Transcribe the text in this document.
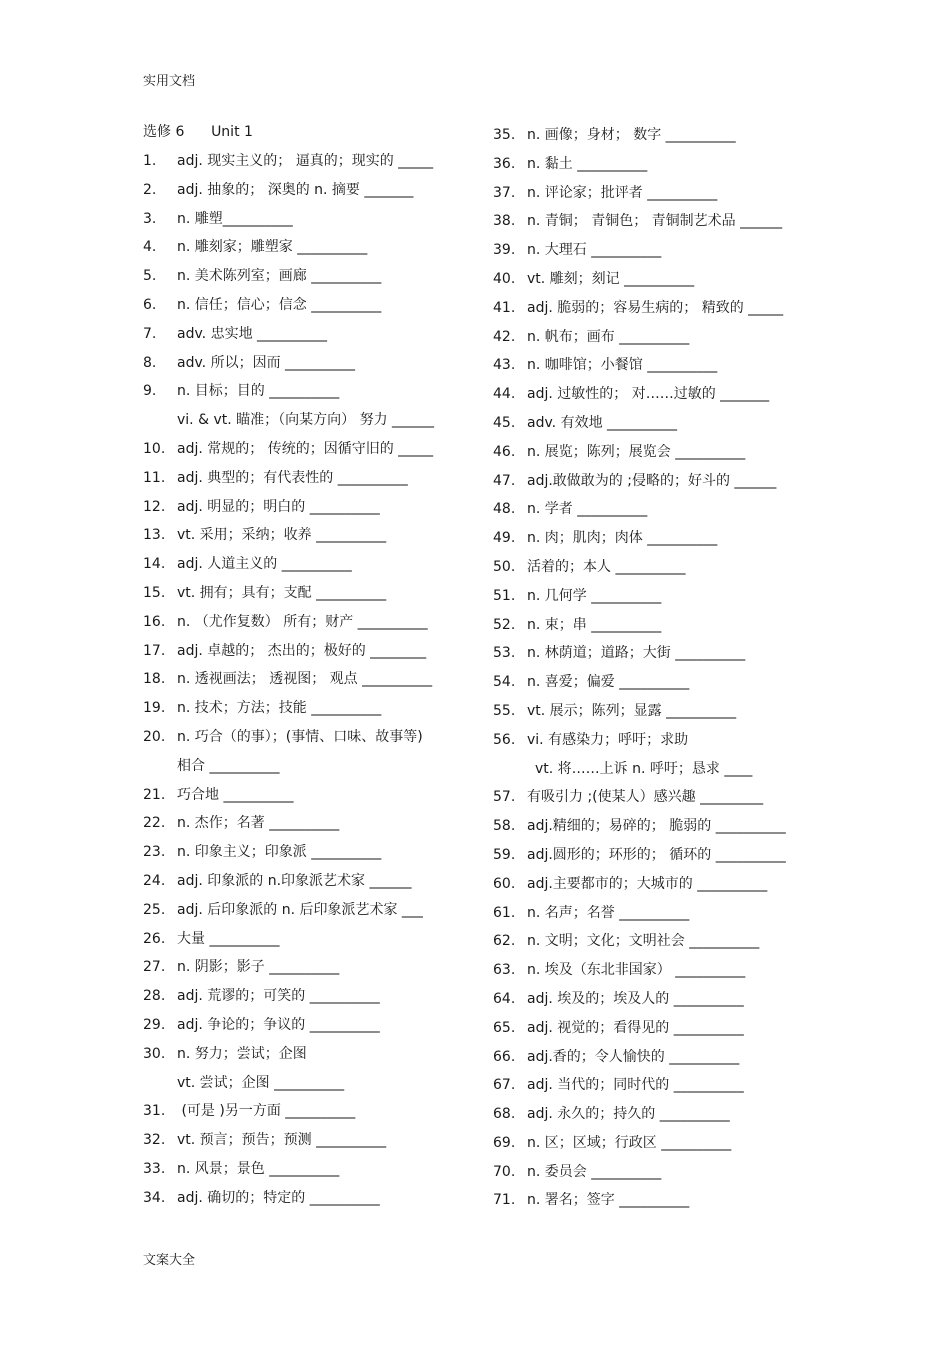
实用文档
选修 6 Unit 1
1. adj. 现实主义的； 逼真的；现实的 _____
2. adj. 抽象的； 深奥的 n. 摘要 _______
3. n. 雕塑__________
4. n. 雕刻家；雕塑家 __________
5. n. 美术陈列室；画廊 __________
6. n. 信任；信心；信念 __________
7. adv. 忠实地 __________
8. adv. 所以；因而 __________
9. n. 目标；目的 __________
vi. & vt. 瞄准；（向某方向） 努力 ______
10. adj. 常规的； 传统的；因循守旧的 _____
11. adj. 典型的；有代表性的 __________
12. adj. 明显的；明白的 __________
13. vt. 采用；采纳；收养 __________
14. adj. 人道主义的 __________
15. vt. 拥有；具有；支配 __________
16. n. （尤作复数） 所有；财产 __________
17. adj. 卓越的； 杰出的；极好的 ________
18. n. 透视画法； 透视图； 观点 __________
19. n. 技术；方法；技能 __________
20. n. 巧合（的事）；(事情、口味、故事等)
相合 __________
21. 巧合地 __________
22. n. 杰作；名著 __________
23. n. 印象主义；印象派 __________
24. adj. 印象派的 n.印象派艺术家 ______
25. adj. 后印象派的 n. 后印象派艺术家 ___
26. 大量 __________
27. n. 阴影；影子 __________
28. adj. 荒谬的；可笑的 __________
29. adj. 争论的；争议的 __________
30. n. 努力；尝试；企图
vt. 尝试；企图 __________
31. (可是 )另一方面 __________
32. vt. 预言；预告；预测 __________
33. n. 风景；景色 __________
34. adj. 确切的；特定的 __________
35. n. 画像；身材； 数字 __________
36. n. 黏土 __________
37. n. 评论家；批评者 __________
38. n. 青铜； 青铜色； 青铜制艺术品 ______
39. n. 大理石 __________
40. vt. 雕刻；刻记 __________
41. adj. 脆弱的；容易生病的； 精致的 _____
42. n. 帆布；画布 __________
43. n. 咖啡馆；小餐馆 __________
44. adj. 过敏性的； 对……过敏的 _______
45. adv. 有效地 __________
46. n. 展览；陈列；展览会 __________
47. adj.敢做敢为的 ;侵略的；好斗的 ______
48. n. 学者 __________
49. n. 肉；肌肉；肉体 __________
50. 活着的；本人 __________
51. n. 几何学 __________
52. n. 束；串 __________
53. n. 林荫道；道路；大街 __________
54. n. 喜爱；偏爱 __________
55. vt. 展示；陈列；显露 __________
56. vi. 有感染力；呼吁；求助
vt. 将……上诉 n. 呼吁；恳求 ____
57. 有吸引力 ;(使某人）感兴趣 _________
58. adj.精细的；易碎的； 脆弱的 __________
59. adj.圆形的；环形的； 循环的 __________
60. adj.主要都市的；大城市的 __________
61. n. 名声；名誉 __________
62. n. 文明；文化；文明社会 __________
63. n. 埃及（东北非国家） __________
64. adj. 埃及的；埃及人的 __________
65. adj. 视觉的；看得见的 __________
66. adj.香的；令人愉快的 __________
67. adj. 当代的；同时代的 __________
68. adj. 永久的；持久的 __________
69. n. 区；区域；行政区 __________
70. n. 委员会 __________
71. n. 署名；签字 __________
文案大全
